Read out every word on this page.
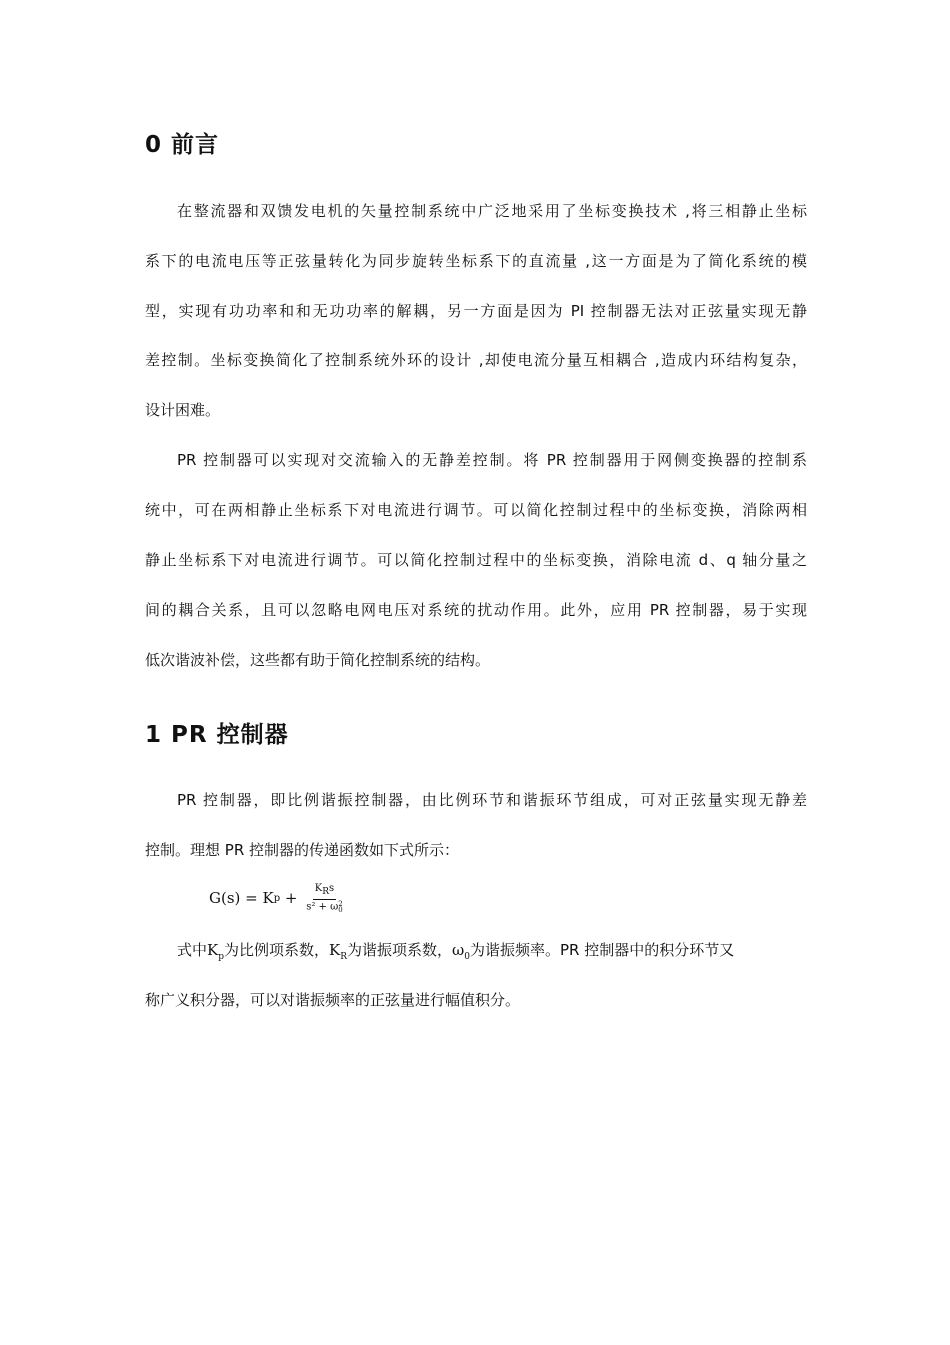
0 前言

在整流器和双馈发电机的矢量控制系统中广泛地采用了坐标变换技术 ,将三相静止坐标

系下的电流电压等正弦量转化为同步旋转坐标系下的直流量 ,这一方面是为了简化系统的模

型，实现有功功率和和无功功率的解耦，另一方面是因为 PI 控制器无法对正弦量实现无静

差控制。坐标变换简化了控制系统外环的设计 ,却使电流分量互相耦合 ,造成内环结构复杂，

设计困难。

PR 控制器可以实现对交流输入的无静差控制。将 PR 控制器用于网侧变换器的控制系

统中，可在两相静止坐标系下对电流进行调节。可以简化控制过程中的坐标变换，消除两相

静止坐标系下对电流进行调节。可以简化控制过程中的坐标变换，消除电流 d、q 轴分量之

间的耦合关系，且可以忽略电网电压对系统的扰动作用。此外，应用 PR 控制器，易于实现

低次谐波补偿，这些都有助于简化控制系统的结构。

1 PR 控制器

PR 控制器，即比例谐振控制器，由比例环节和谐振环节组成，可对正弦量实现无静差

控制。理想 PR 控制器的传递函数如下式所示：

G(s) = K $p + K_Rs$
s² + ω 2
0

式中$K_p$为比例项系数，$K_R$为谐振项系数，$\omega_0$为谐振频率。PR 控制器中的积分环节又

称广义积分器，可以对谐振频率的正弦量进行幅值积分。
